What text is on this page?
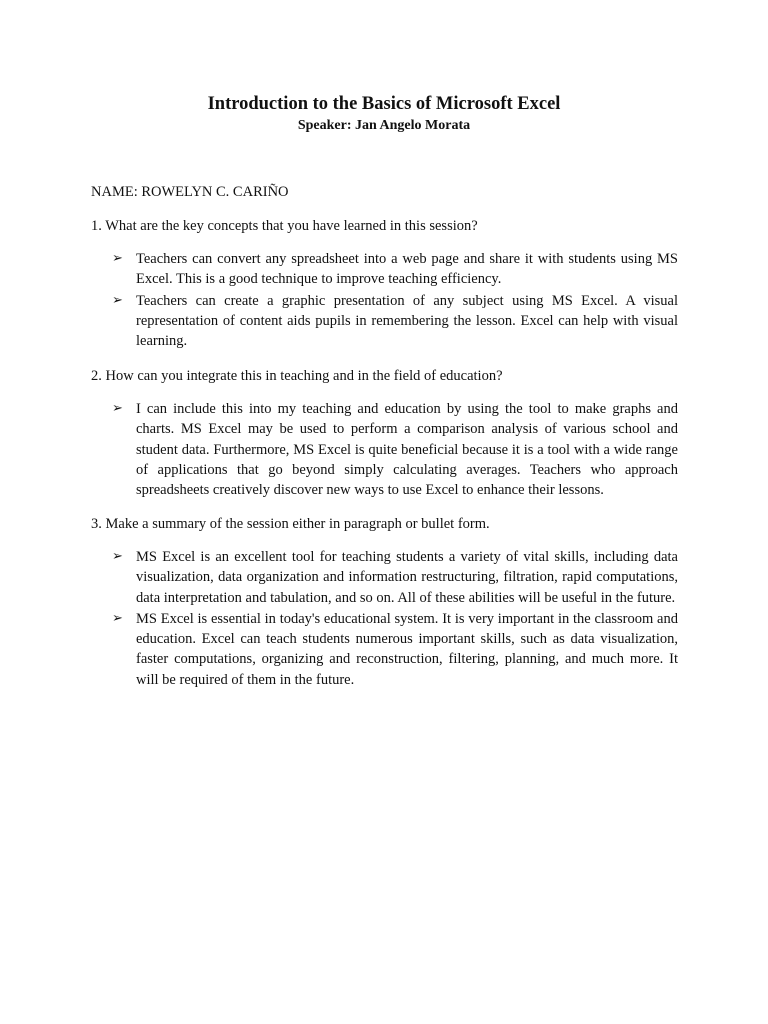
Introduction to the Basics of Microsoft Excel
Speaker: Jan Angelo Morata
NAME: ROWELYN C. CARIÑO
1. What are the key concepts that you have learned in this session?
➢ Teachers can convert any spreadsheet into a web page and share it with students using MS Excel. This is a good technique to improve teaching efficiency.
➢ Teachers can create a graphic presentation of any subject using MS Excel. A visual representation of content aids pupils in remembering the lesson. Excel can help with visual learning.
2. How can you integrate this in teaching and in the field of education?
➢ I can include this into my teaching and education by using the tool to make graphs and charts. MS Excel may be used to perform a comparison analysis of various school and student data. Furthermore, MS Excel is quite beneficial because it is a tool with a wide range of applications that go beyond simply calculating averages. Teachers who approach spreadsheets creatively discover new ways to use Excel to enhance their lessons.
3. Make a summary of the session either in paragraph or bullet form.
➢ MS Excel is an excellent tool for teaching students a variety of vital skills, including data visualization, data organization and information restructuring, filtration, rapid computations, data interpretation and tabulation, and so on. All of these abilities will be useful in the future.
➢ MS Excel is essential in today's educational system. It is very important in the classroom and education. Excel can teach students numerous important skills, such as data visualization, faster computations, organizing and reconstruction, filtering, planning, and much more. It will be required of them in the future.
